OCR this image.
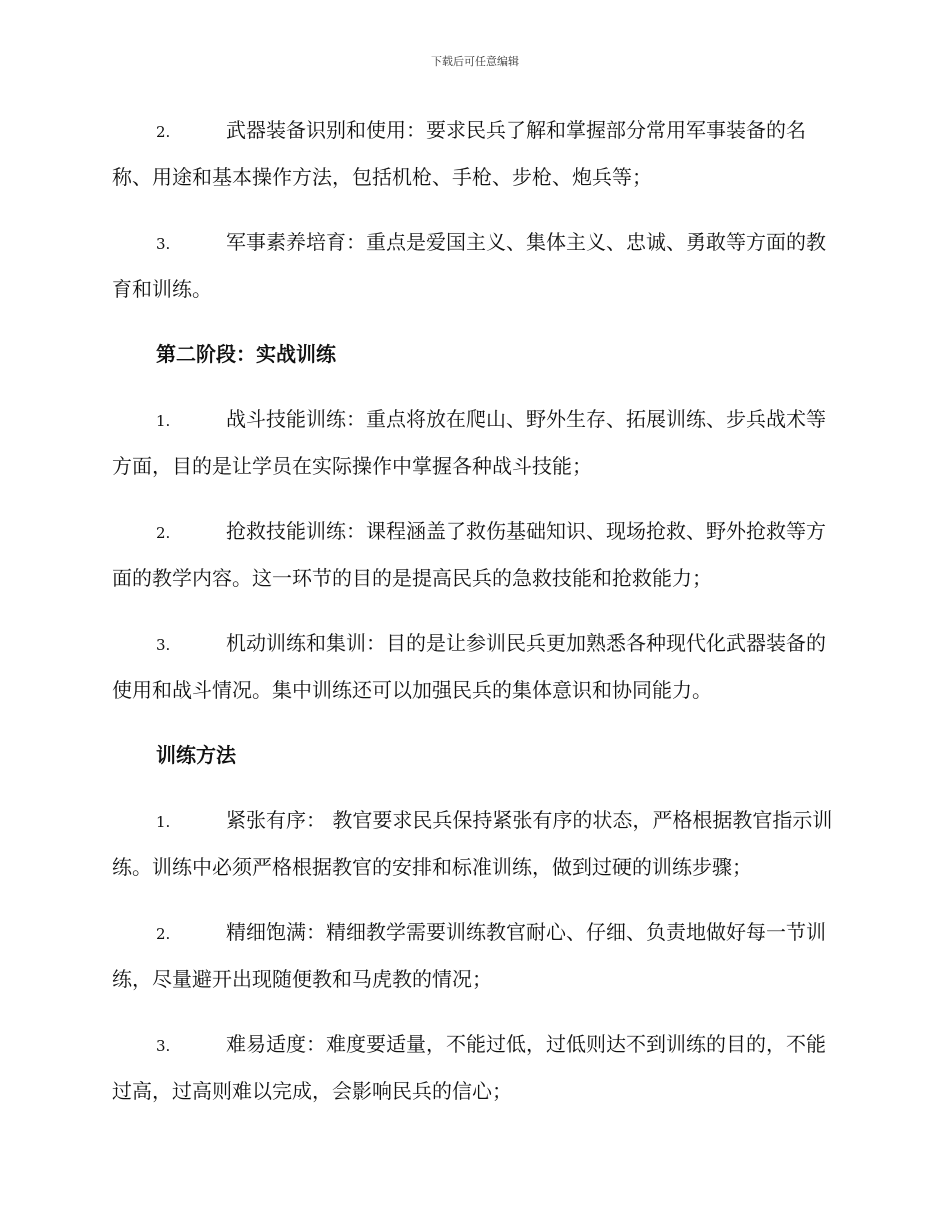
下载后可任意编辑

2.	武器装备识别和使用：要求民兵了解和掌握部分常用军事装备的名称、用途和基本操作方法，包括机枪、手枪、步枪、炮兵等；

3.	军事素养培育：重点是爱国主义、集体主义、忠诚、勇敢等方面的教育和训练。

第二阶段：实战训练

1.	战斗技能训练：重点将放在爬山、野外生存、拓展训练、步兵战术等方面，目的是让学员在实际操作中掌握各种战斗技能；

2.	抢救技能训练：课程涵盖了救伤基础知识、现场抢救、野外抢救等方面的教学内容。这一环节的目的是提高民兵的急救技能和抢救能力；

3.	机动训练和集训：目的是让参训民兵更加熟悉各种现代化武器装备的使用和战斗情况。集中训练还可以加强民兵的集体意识和协同能力。

训练方法

1.	紧张有序： 教官要求民兵保持紧张有序的状态，严格根据教官指示训练。训练中必须严格根据教官的安排和标准训练，做到过硬的训练步骤；

2.	精细饱满：精细教学需要训练教官耐心、仔细、负责地做好每一节训练，尽量避开出现随便教和马虎教的情况；

3.	难易适度：难度要适量，不能过低，过低则达不到训练的目的，不能过高，过高则难以完成，会影响民兵的信心；
